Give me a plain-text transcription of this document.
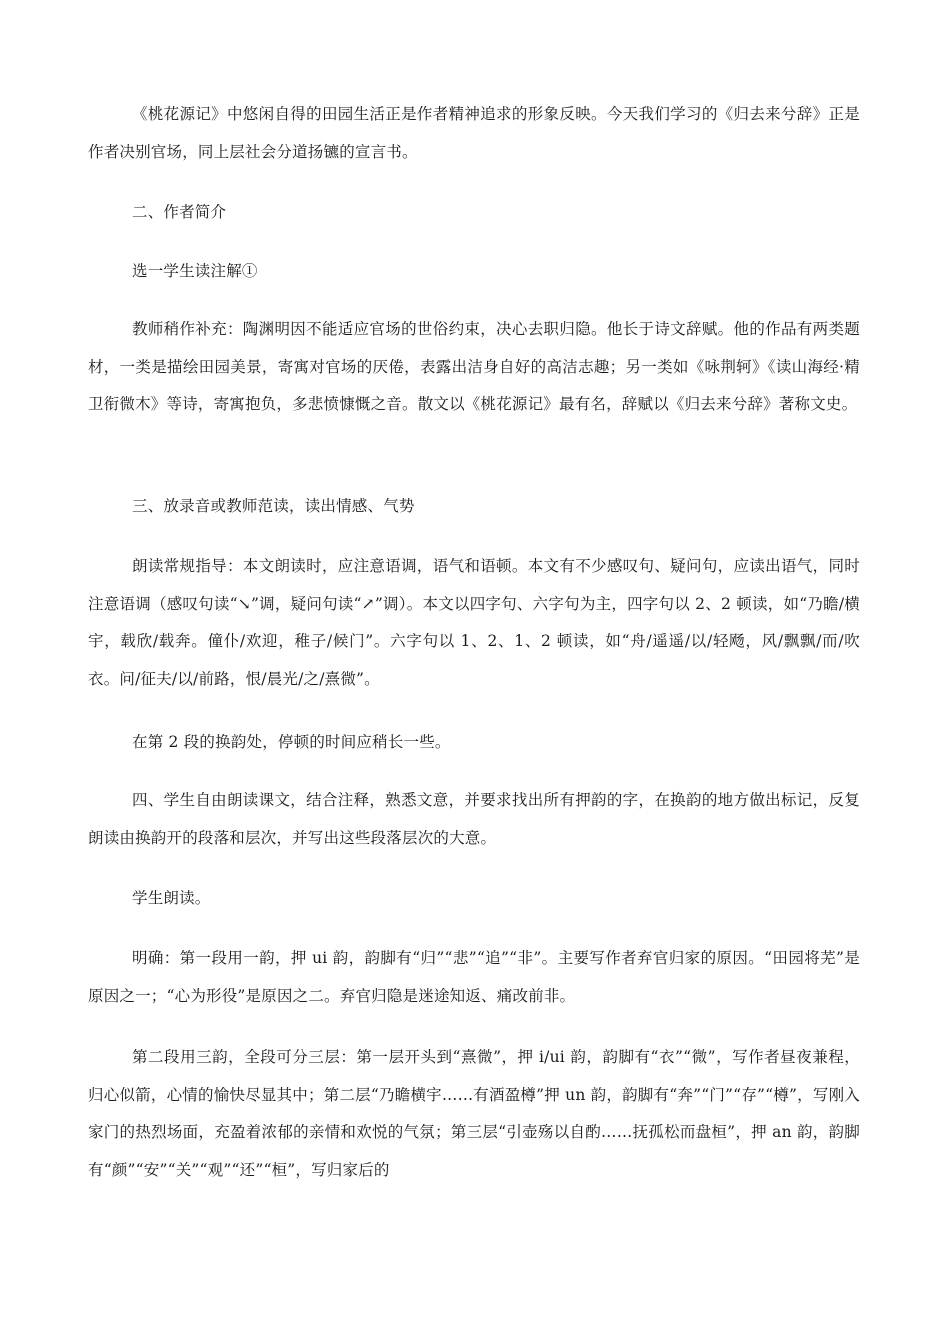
《桃花源记》中悠闲自得的田园生活正是作者精神追求的形象反映。今天我们学习的《归去来兮辞》正是作者决别官场，同上层社会分道扬镳的宣言书。

二、作者简介

选一学生读注解①

教师稍作补充：陶渊明因不能适应官场的世俗约束，决心去职归隐。他长于诗文辞赋。他的作品有两类题材，一类是描绘田园美景，寄寓对官场的厌倦，表露出洁身自好的高洁志趣；另一类如《咏荆轲》《读山海经·精卫衔微木》等诗，寄寓抱负，多悲愤慷慨之音。散文以《桃花源记》最有名，辞赋以《归去来兮辞》著称文史。

三、放录音或教师范读，读出情感、气势

朗读常规指导：本文朗读时，应注意语调，语气和语顿。本文有不少感叹句、疑问句，应读出语气，同时注意语调（感叹句读“↘”调，疑问句读“↗”调）。本文以四字句、六字句为主，四字句以 2、2 顿读，如“乃瞻/横宇，载欣/载奔。僮仆/欢迎，稚子/候门”。六字句以 1、2、1、2 顿读，如“舟/遥遥/以/轻飏，风/飘飘/而/吹衣。问/征夫/以/前路，恨/晨光/之/熹微”。

在第 2 段的换韵处，停顿的时间应稍长一些。

四、学生自由朗读课文，结合注释，熟悉文意，并要求找出所有押韵的字，在换韵的地方做出标记，反复朗读由换韵开的段落和层次，并写出这些段落层次的大意。

学生朗读。

明确：第一段用一韵，押 ui 韵，韵脚有“归”“悲”“追”“非”。主要写作者弃官归家的原因。“田园将芜”是原因之一；“心为形役”是原因之二。弃官归隐是迷途知返、痛改前非。

第二段用三韵，全段可分三层：第一层开头到“熹微”，押 i/ui 韵，韵脚有“衣”“微”，写作者昼夜兼程，归心似箭，心情的愉快尽显其中；第二层“乃瞻横宇……有酒盈樽”押 un 韵，韵脚有“奔”“门”“存”“樽”，写刚入家门的热烈场面，充盈着浓郁的亲情和欢悦的气氛；第三层“引壶殇以自酌……抚孤松而盘桓”，押 an 韵，韵脚有“颜”“安”“关”“观”“还”“桓”，写归家后的
